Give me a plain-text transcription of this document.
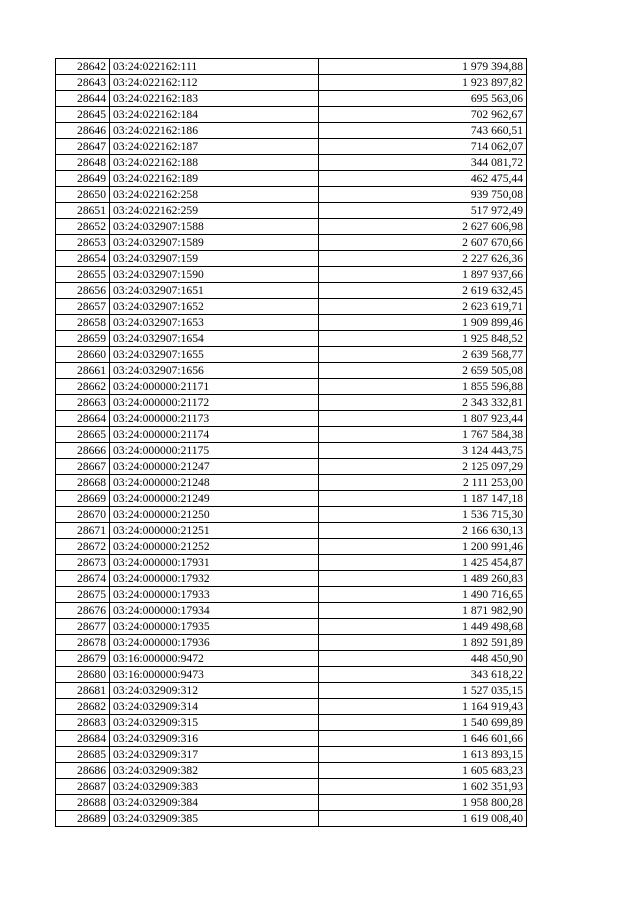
28642	03:24:022162:111	1 979 394,88
28643	03:24:022162:112	1 923 897,82
28644	03:24:022162:183	695 563,06
28645	03:24:022162:184	702 962,67
28646	03:24:022162:186	743 660,51
28647	03:24:022162:187	714 062,07
28648	03:24:022162:188	344 081,72
28649	03:24:022162:189	462 475,44
28650	03:24:022162:258	939 750,08
28651	03:24:022162:259	517 972,49
28652	03:24:032907:1588	2 627 606,98
28653	03:24:032907:1589	2 607 670,66
28654	03:24:032907:159	2 227 626,36
28655	03:24:032907:1590	1 897 937,66
28656	03:24:032907:1651	2 619 632,45
28657	03:24:032907:1652	2 623 619,71
28658	03:24:032907:1653	1 909 899,46
28659	03:24:032907:1654	1 925 848,52
28660	03:24:032907:1655	2 639 568,77
28661	03:24:032907:1656	2 659 505,08
28662	03:24:000000:21171	1 855 596,88
28663	03:24:000000:21172	2 343 332,81
28664	03:24:000000:21173	1 807 923,44
28665	03:24:000000:21174	1 767 584,38
28666	03:24:000000:21175	3 124 443,75
28667	03:24:000000:21247	2 125 097,29
28668	03:24:000000:21248	2 111 253,00
28669	03:24:000000:21249	1 187 147,18
28670	03:24:000000:21250	1 536 715,30
28671	03:24:000000:21251	2 166 630,13
28672	03:24:000000:21252	1 200 991,46
28673	03:24:000000:17931	1 425 454,87
28674	03:24:000000:17932	1 489 260,83
28675	03:24:000000:17933	1 490 716,65
28676	03:24:000000:17934	1 871 982,90
28677	03:24:000000:17935	1 449 498,68
28678	03:24:000000:17936	1 892 591,89
28679	03:16:000000:9472	448 450,90
28680	03:16:000000:9473	343 618,22
28681	03:24:032909:312	1 527 035,15
28682	03:24:032909:314	1 164 919,43
28683	03:24:032909:315	1 540 699,89
28684	03:24:032909:316	1 646 601,66
28685	03:24:032909:317	1 613 893,15
28686	03:24:032909:382	1 605 683,23
28687	03:24:032909:383	1 602 351,93
28688	03:24:032909:384	1 958 800,28
28689	03:24:032909:385	1 619 008,40
